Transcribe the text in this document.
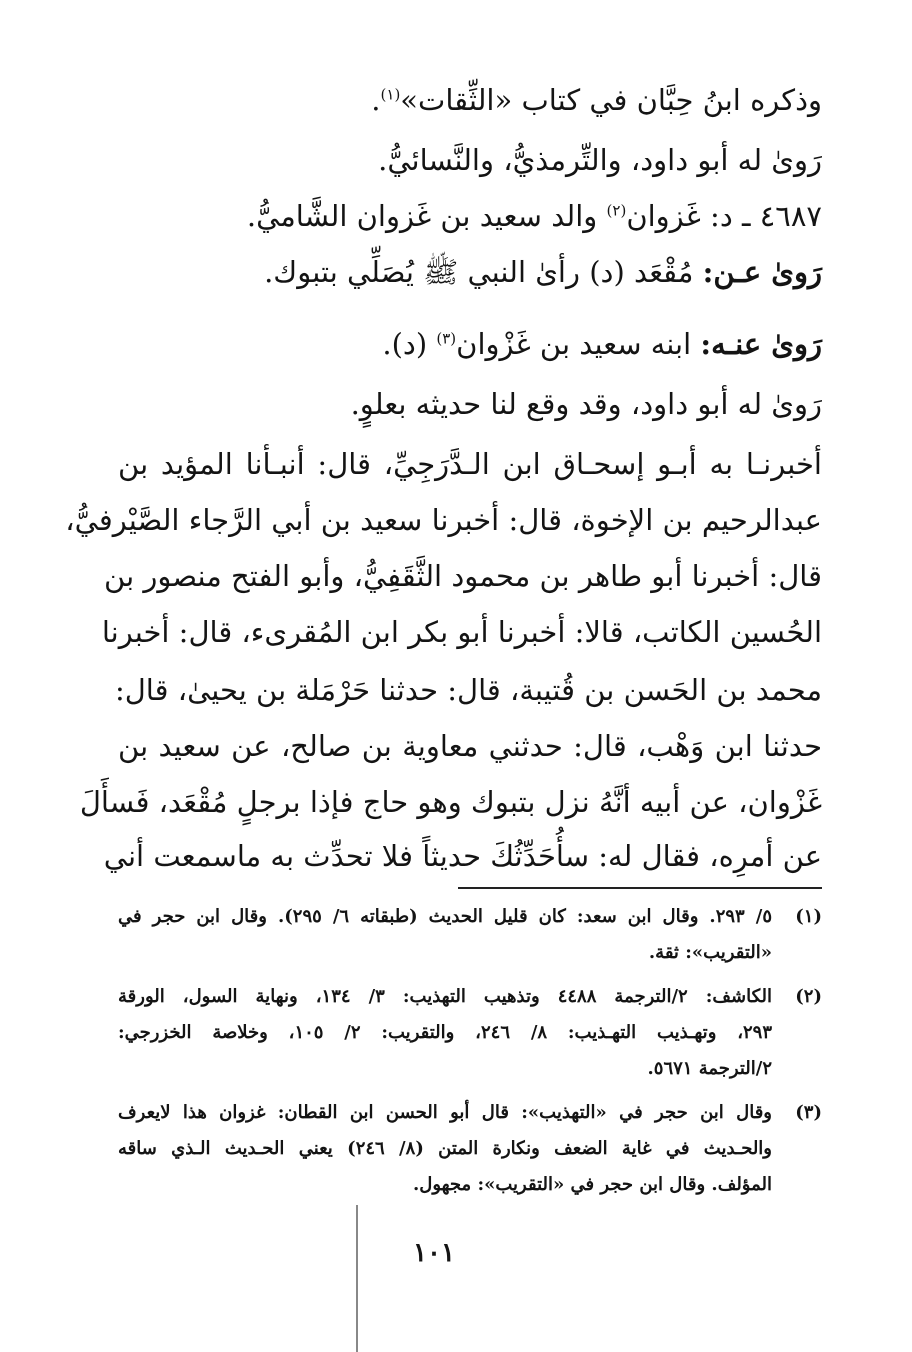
وذكره ابنُ حِبَّان في كتاب «الثِّقات»$^{(١)}$.
رَوىٰ له أبو داود، والتِّرمذيُّ، والنَّسائيُّ.
٤٦٨٧ ـ د: غَزوان$^{(٢)}$ والد سعيد بن غَزوان الشَّاميُّ.
رَوىٰ عـن: مُقْعَد (د) رأىٰ النبي ﷺ يُصَلِّي بتبوك.
رَوىٰ عنـه: ابنه سعيد بن غَزْوان$^{(٣)}$ (د).
رَوىٰ له أبو داود، وقد وقع لنا حديثه بعلوٍ.
أخبرنـا به أبـو إسحـاق ابن الـدَّرَجِيِّ، قال: أنبـأنا المؤيد بن
عبدالرحيم بن الإخوة، قال: أخبرنا سعيد بن أبي الرَّجاء الصَّيْرفيُّ،
قال: أخبرنا أبو طاهر بن محمود الثَّقَفِيُّ، وأبو الفتح منصور بن
الحُسين الكاتب، قالا: أخبرنا أبو بكر ابن المُقرىء، قال: أخبرنا
محمد بن الحَسن بن قُتيبة، قال: حدثنا حَرْمَلة بن يحيىٰ، قال:
حدثنا ابن وَهْب، قال: حدثني معاوية بن صالح، عن سعيد بن
غَزْوان، عن أبيه أنَّهُ نزل بتبوك وهو حاج فإذا برجلٍ مُقْعَد، فَسأَلَ
عن أمرِه، فقال له: سأُحَدِّثُكَ حديثاً فلا تحدِّث به ماسمعت أني
(١)
٥/ ٢٩٣. وقال ابن سعد: كان قليل الحديث (طبقاته ٦/ ٢٩٥). وقال ابن حجر في
«التقريب»: ثقة.
(٢)
الكاشف: ٢/الترجمة ٤٤٨٨ وتذهيب التهذيب: ٣/ ١٣٤، ونهاية السول، الورقة
٢٩٣، وتهـذيب التهـذيب: ٨/ ٢٤٦، والتقريب: ٢/ ١٠٥، وخلاصة الخزرجي:
٢/الترجمة ٥٦٧١.
(٣)
وقال ابن حجر في «التهذيب»: قال أبو الحسن ابن القطان: غزوان هذا لايعرف
والحـديث في غاية الضعف ونكارة المتن (٨/ ٢٤٦) يعني الحـديث الـذي ساقه
المؤلف. وقال ابن حجر في «التقريب»: مجهول.
١٠١
